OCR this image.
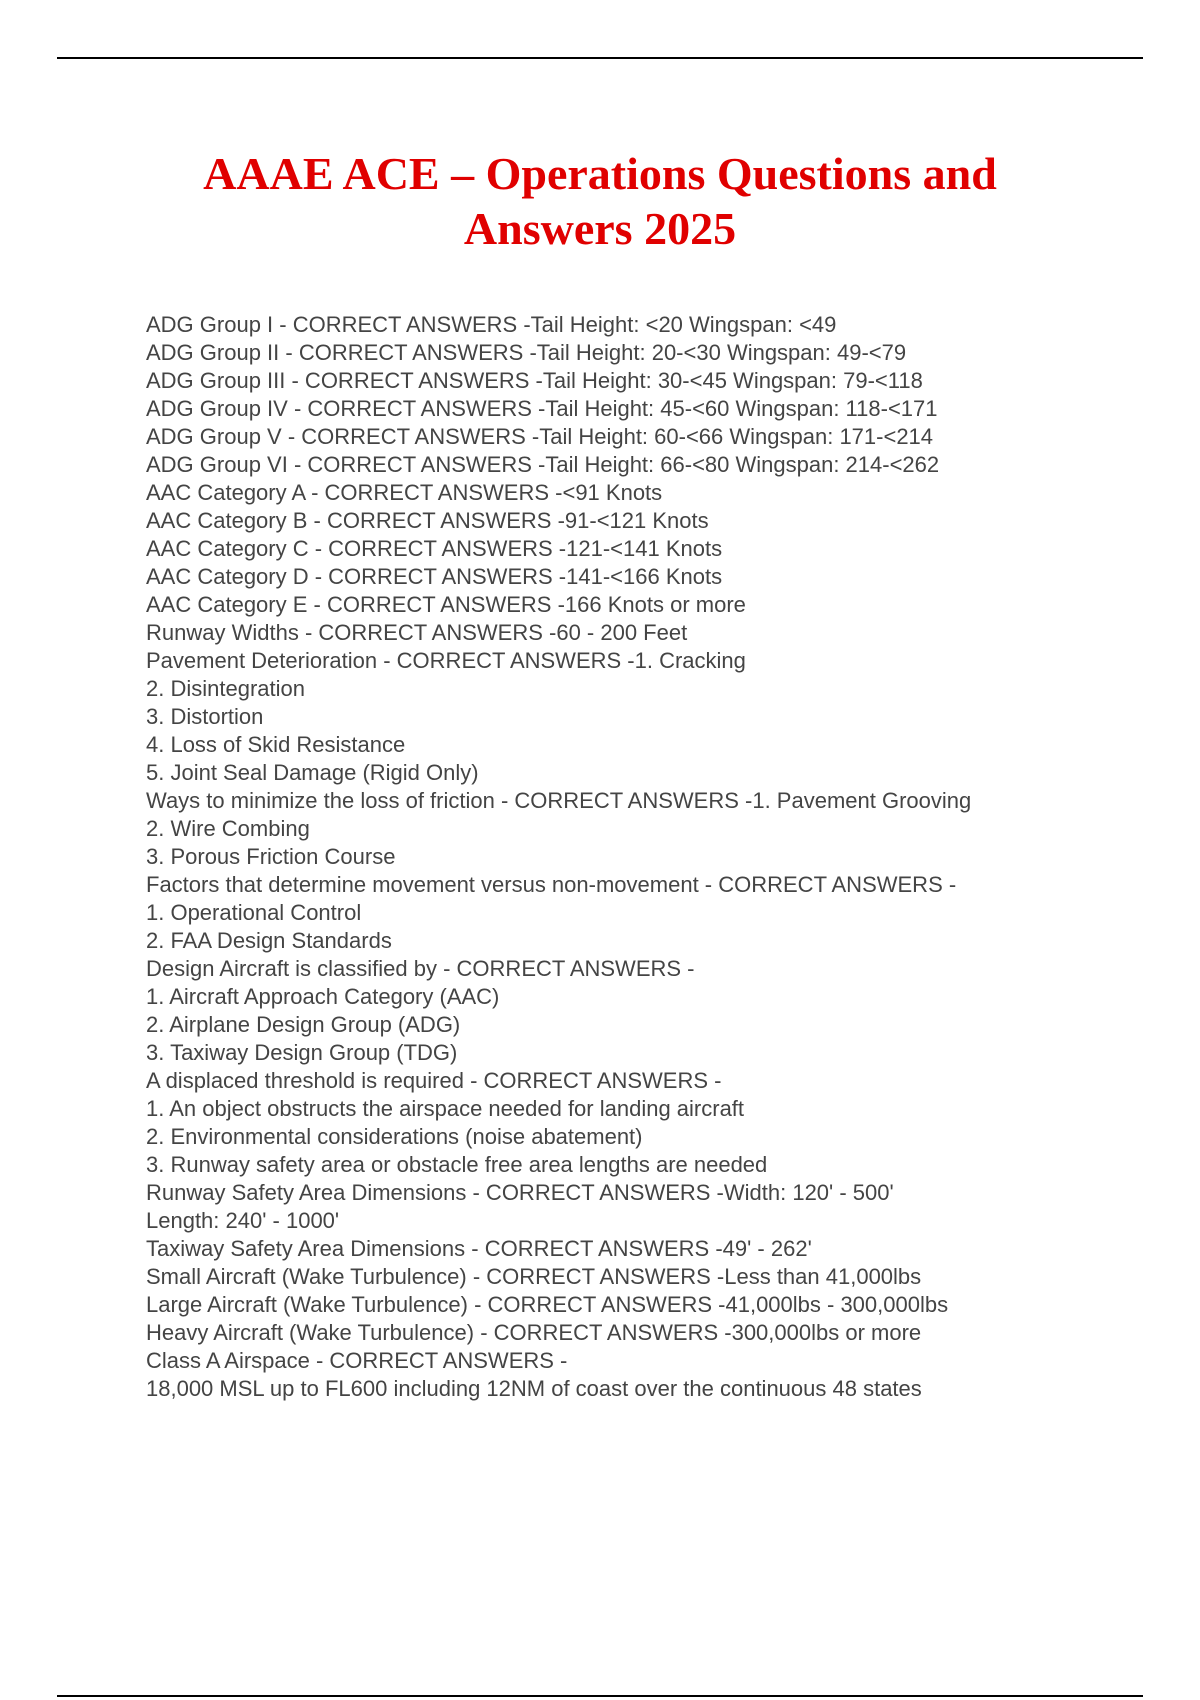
AAAE ACE – Operations Questions and
Answers 2025
ADG Group I - CORRECT ANSWERS -Tail Height: <20 Wingspan: <49
ADG Group II - CORRECT ANSWERS -Tail Height: 20-<30 Wingspan: 49-<79
ADG Group III - CORRECT ANSWERS -Tail Height: 30-<45 Wingspan: 79-<118
ADG Group IV - CORRECT ANSWERS -Tail Height: 45-<60 Wingspan: 118-<171
ADG Group V - CORRECT ANSWERS -Tail Height: 60-<66 Wingspan: 171-<214
ADG Group VI - CORRECT ANSWERS -Tail Height: 66-<80 Wingspan: 214-<262
AAC Category A - CORRECT ANSWERS -<91 Knots
AAC Category B - CORRECT ANSWERS -91-<121 Knots
AAC Category C - CORRECT ANSWERS -121-<141 Knots
AAC Category D - CORRECT ANSWERS -141-<166 Knots
AAC Category E - CORRECT ANSWERS -166 Knots or more
Runway Widths - CORRECT ANSWERS -60 - 200 Feet
Pavement Deterioration - CORRECT ANSWERS -1. Cracking
2. Disintegration
3. Distortion
4. Loss of Skid Resistance
5. Joint Seal Damage (Rigid Only)
Ways to minimize the loss of friction - CORRECT ANSWERS -1. Pavement Grooving
2. Wire Combing
3. Porous Friction Course
Factors that determine movement versus non-movement - CORRECT ANSWERS -
1. Operational Control
2. FAA Design Standards
Design Aircraft is classified by - CORRECT ANSWERS -
1. Aircraft Approach Category (AAC)
2. Airplane Design Group (ADG)
3. Taxiway Design Group (TDG)
A displaced threshold is required - CORRECT ANSWERS -
1. An object obstructs the airspace needed for landing aircraft
2. Environmental considerations (noise abatement)
3. Runway safety area or obstacle free area lengths are needed
Runway Safety Area Dimensions - CORRECT ANSWERS -Width: 120' - 500'
Length: 240' - 1000'
Taxiway Safety Area Dimensions - CORRECT ANSWERS -49' - 262'
Small Aircraft (Wake Turbulence) - CORRECT ANSWERS -Less than 41,000lbs
Large Aircraft (Wake Turbulence) - CORRECT ANSWERS -41,000lbs - 300,000lbs
Heavy Aircraft (Wake Turbulence) - CORRECT ANSWERS -300,000lbs or more
Class A Airspace - CORRECT ANSWERS -
18,000 MSL up to FL600 including 12NM of coast over the continuous 48 states
